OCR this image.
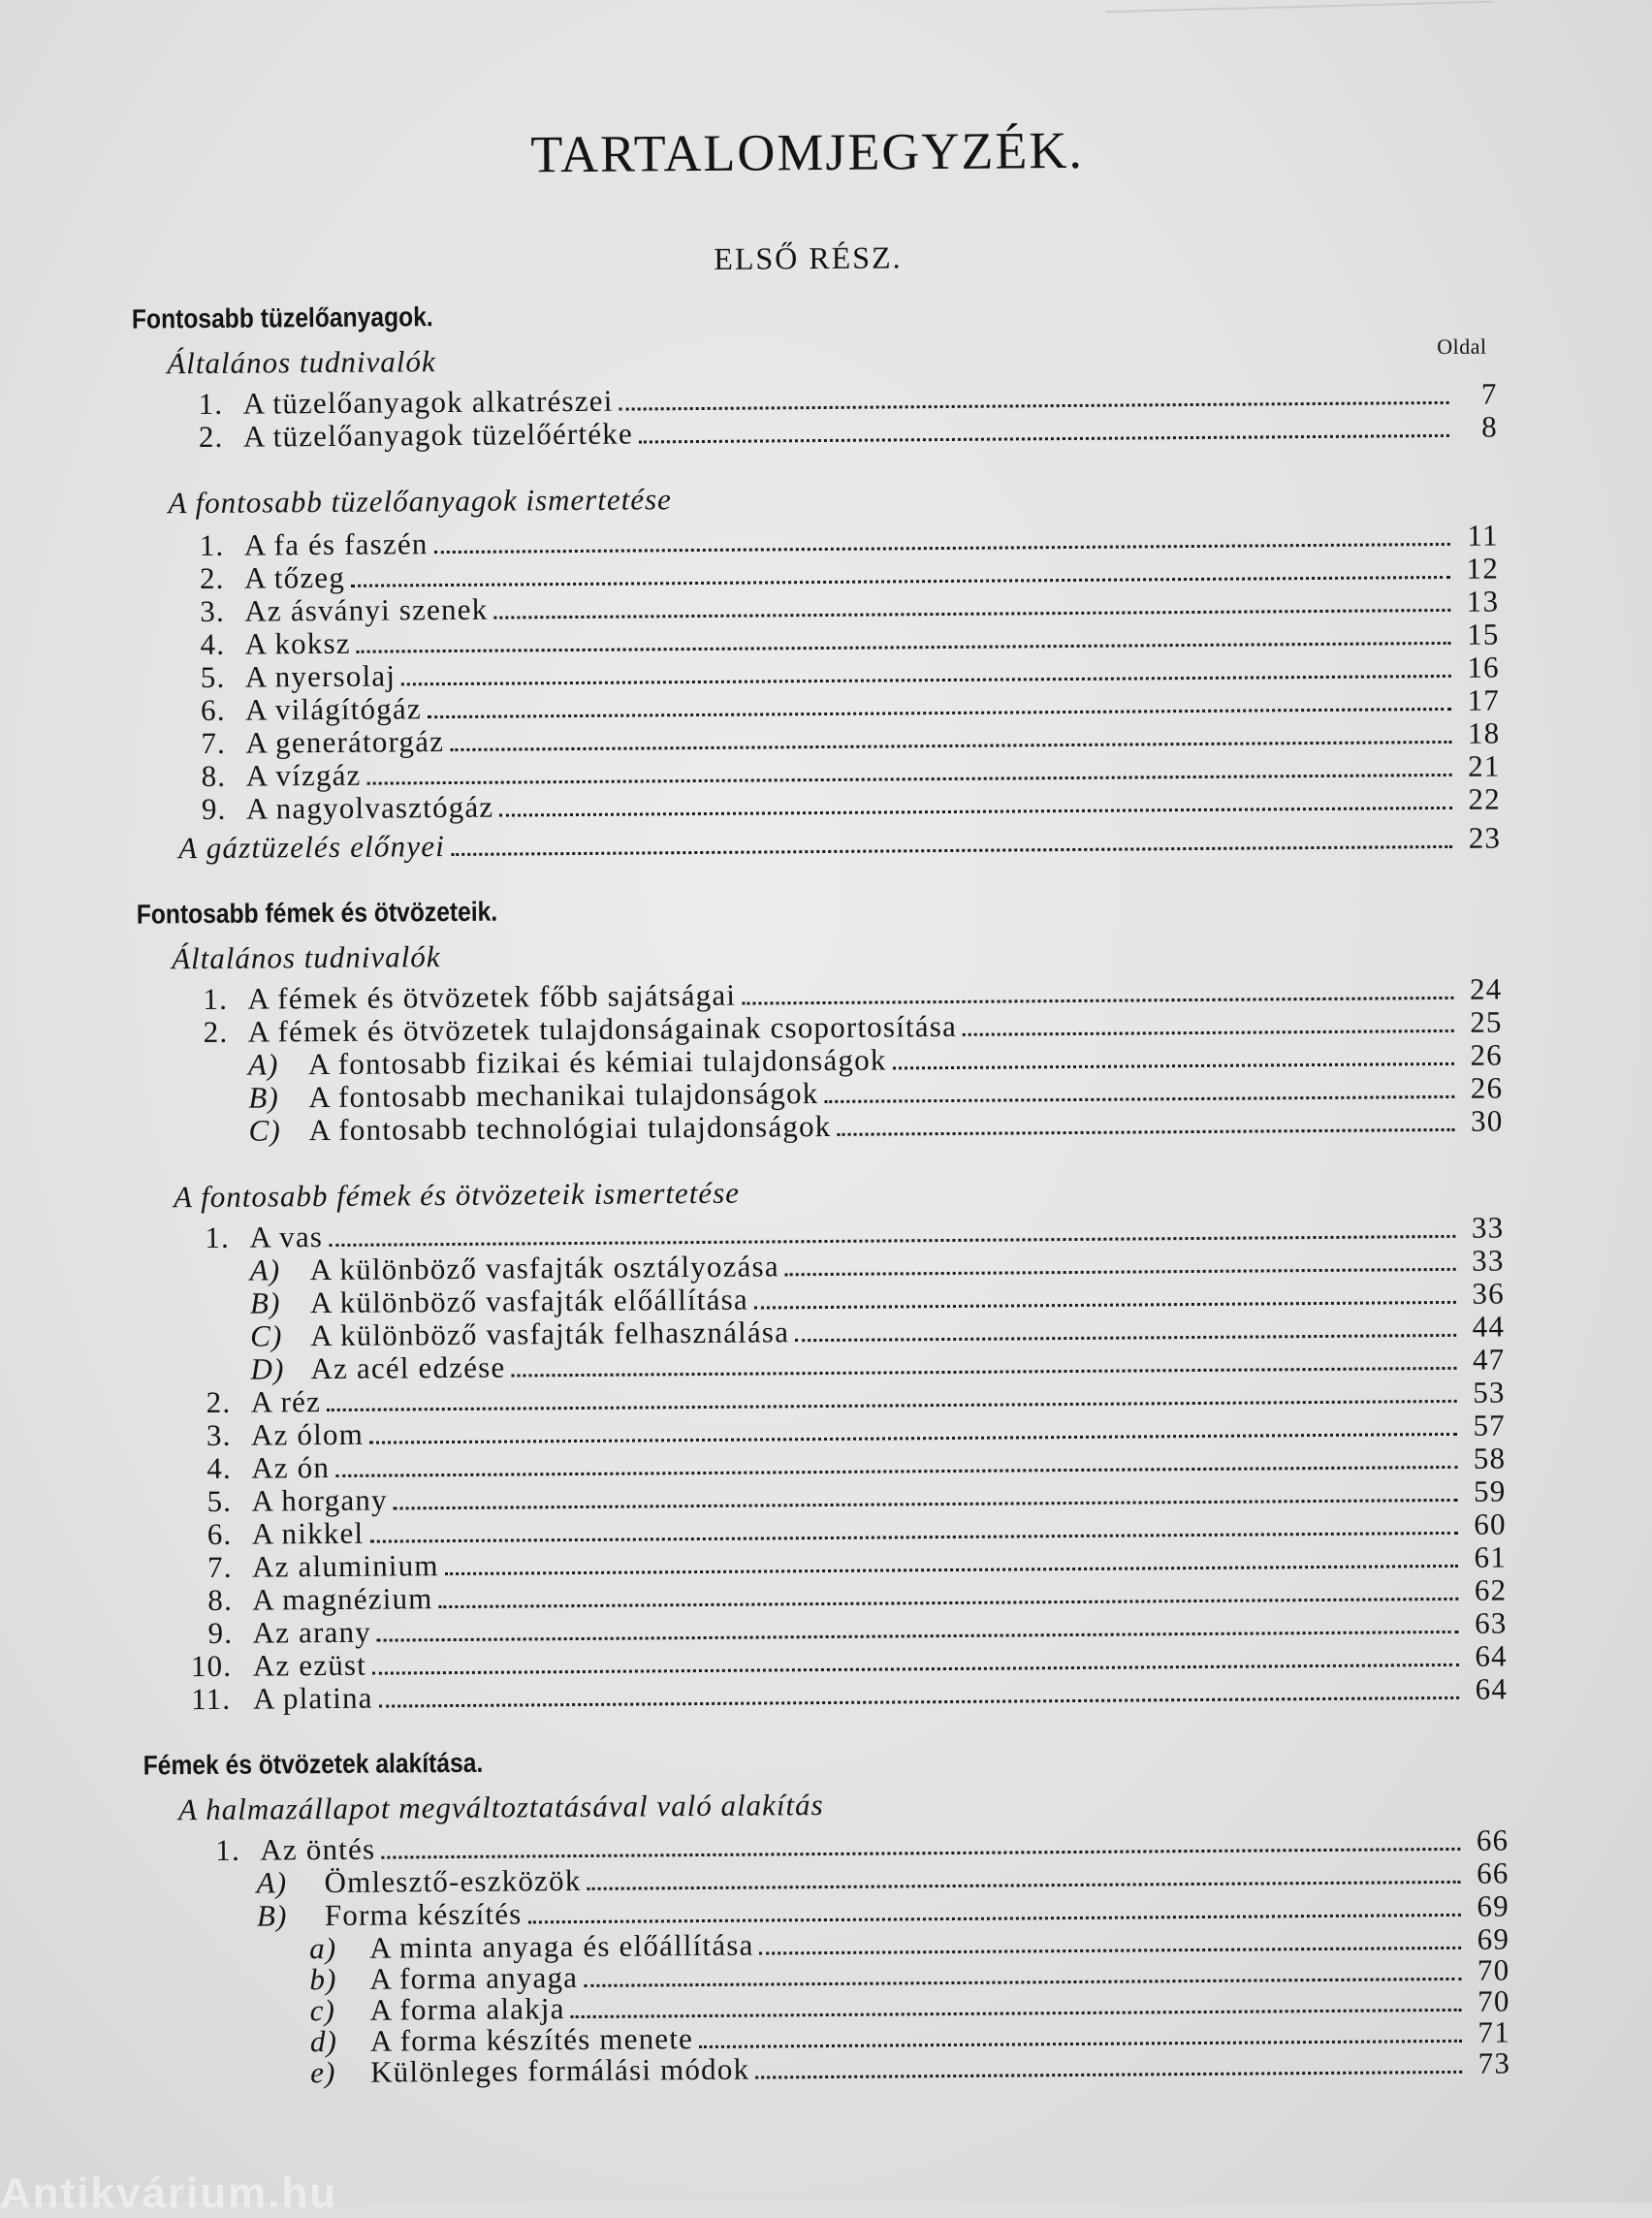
TARTALOMJEGYZÉK.
ELSŐ RÉSZ.
Oldal
Fontosabb tüzelőanyagok.
Általános tudnivalók
1. A tüzelőanyagok alkatrészei	7
2. A tüzelőanyagok tüzelőértéke	8
A fontosabb tüzelőanyagok ismertetése
1. A fa és faszén	11
2. A tőzeg	12
3. Az ásványi szenek	13
4. A koksz	15
5. A nyersolaj	16
6. A világítógáz	17
7. A generátorgáz	18
8. A vízgáz	21
9. A nagyolvasztógáz	22
A gáztüzelés előnyei	23
Fontosabb fémek és ötvözeteik.
Általános tudnivalók
1. A fémek és ötvözetek főbb sajátságai	24
2. A fémek és ötvözetek tulajdonságainak csoportosítása	25
A) A fontosabb fizikai és kémiai tulajdonságok	26
B) A fontosabb mechanikai tulajdonságok	26
C) A fontosabb technológiai tulajdonságok	30
A fontosabb fémek és ötvözeteik ismertetése
1. A vas	33
A) A különböző vasfajták osztályozása	33
B) A különböző vasfajták előállítása	36
C) A különböző vasfajták felhasználása	44
D) Az acél edzése	47
2. A réz	53
3. Az ólom	57
4. Az ón	58
5. A horgany	59
6. A nikkel	60
7. Az aluminium	61
8. A magnézium	62
9. Az arany	63
10. Az ezüst	64
11. A platina	64
Fémek és ötvözetek alakítása.
A halmazállapot megváltoztatásával való alakítás
1. Az öntés	66
A)	Ömlesztő-eszközök	66
B)	Forma készítés	69
a)	A minta anyaga és előállítása	69
b)	A forma anyaga	70
c)	A forma alakja	70
d)	A forma készítés menete	71
e)	Különleges formálási módok	73
Antikvárium.hu
